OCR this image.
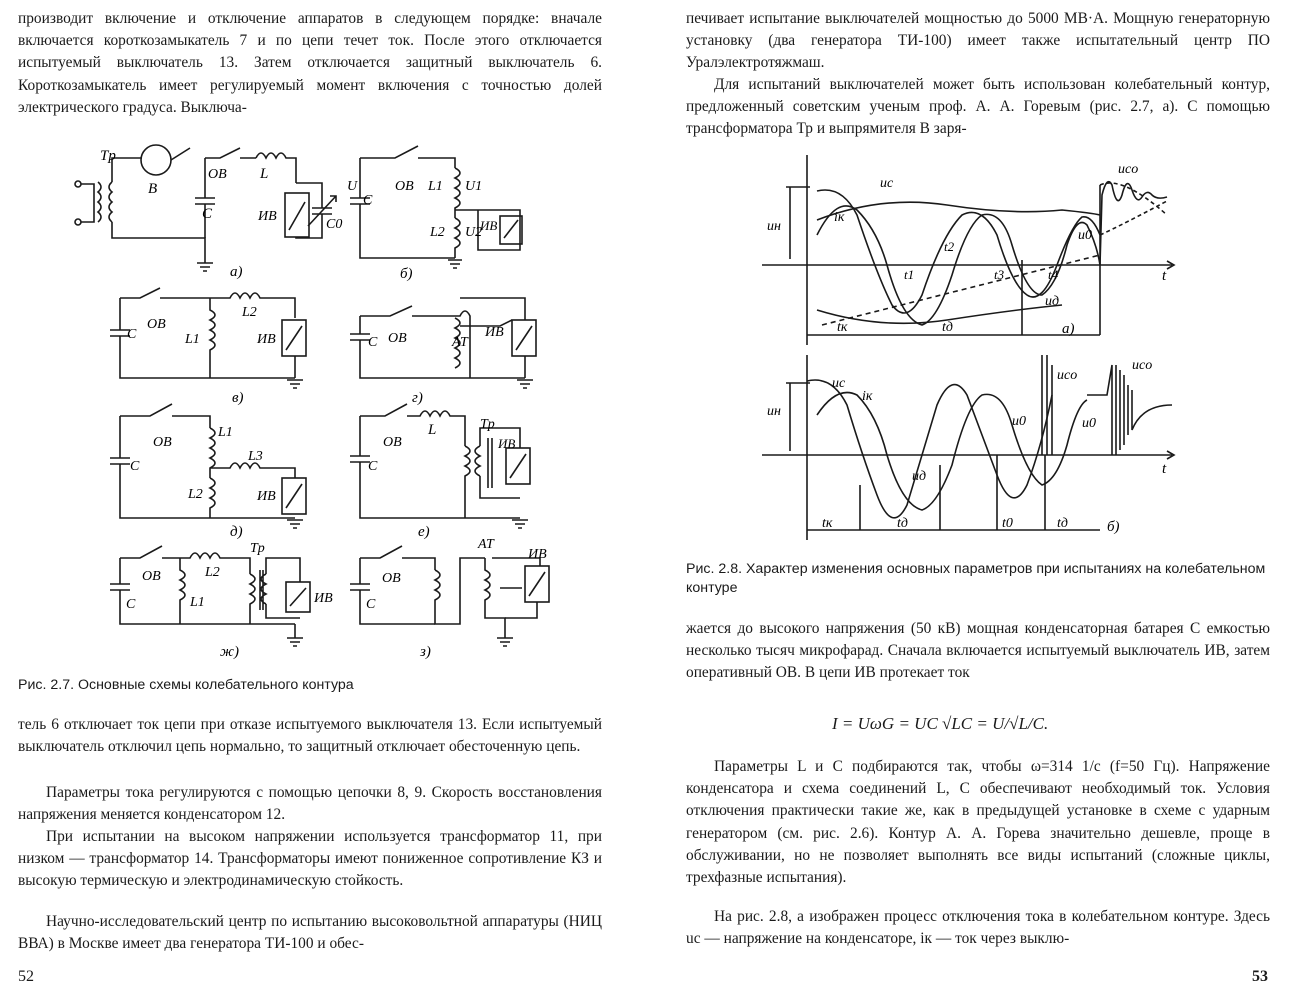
производит включение и отключение аппаратов в следующем порядке: вначале включается короткозамыкатель 7 и по цепи течет ток. После этого отключается испытуемый выключатель 13. Затем отключается защитный выключатель 6. Короткозамыкатель имеет регулируемый момент включения с точностью долей электрического градуса. Выключа-

Tр
B
C
OB L
ИВ
C0
а)
U
C
OB L1 U1
L2 U2
ИВ
б)
C
OB
L1
L2
ИВ
в)
C OB	АТ
ИВ
г)
C
OB
L1
L3
L2	ИВ
д)
C
OB
L	Tр
ИВ
е)
C
OB
L1
L2
Tр
ИВ
ж)
C
OB
АТ
ИВ
з)

Рис. 2.7. Основные схемы колебательного контура

тель 6 отключает ток цепи при отказе испытуемого выключателя 13. Если испытуемый выключатель отключил цепь нормально, то защитный отключает обесточенную цепь.

Параметры тока регулируются с помощью цепочки 8, 9. Скорость восстановления напряжения меняется конденсатором 12.

При испытании на высоком напряжении используется трансформатор 11, при низком — трансформатор 14. Трансформаторы имеют пониженное сопротивление КЗ и высокую термическую и электродинамическую стойкость.

Научно-исследовательский центр по испытанию высоковольтной аппаратуры (НИЦ ВВА) в Москве имеет два генератора ТИ-100 и обес-

52

печивает испытание выключателей мощностью до 5000 МВ·А. Мощную генераторную установку (два генератора ТИ-100) имеет также испытательный центр ПО Уралэлектротяжмаш.

Для испытаний выключателей может быть использован колебательный контур, предложенный советским ученым проф. А. А. Горевым (рис. 2.7, а). С помощью трансформатора Тр и выпрямителя В заря-

uc
iк
uco
uн
u0
t
t1
t2
t3	t4
uд
tк	tд	а)
uc
iк
uco
uco
uн
u0	u0
t
uд
tк	tд	t0	tд	б)

Рис. 2.8. Характер изменения основных параметров при испытаниях на колебательном контуре

жается до высокого напряжения (50 кВ) мощная конденсаторная батарея С емкостью несколько тысяч микрофарад. Сначала включается испытуемый выключатель ИВ, затем оперативный ОВ. В цепи ИВ протекает ток

I = UωG = UC √LC = U/√L/C.

Параметры L и C подбираются так, чтобы ω=314 1/с (f=50 Гц). Напряжение конденсатора и схема соединений L, C обеспечивают необходимый ток. Условия отключения практически такие же, как в предыдущей установке в схеме с ударным генератором (см. рис. 2.6). Контур А. А. Горева значительно дешевле, проще в обслуживании, но не позволяет выполнять все виды испытаний (сложные циклы, трехфазные испытания).

На рис. 2.8, а изображен процесс отключения тока в колебательном контуре. Здесь uc — напряжение на конденсаторе, iк — ток через выклю-

53
